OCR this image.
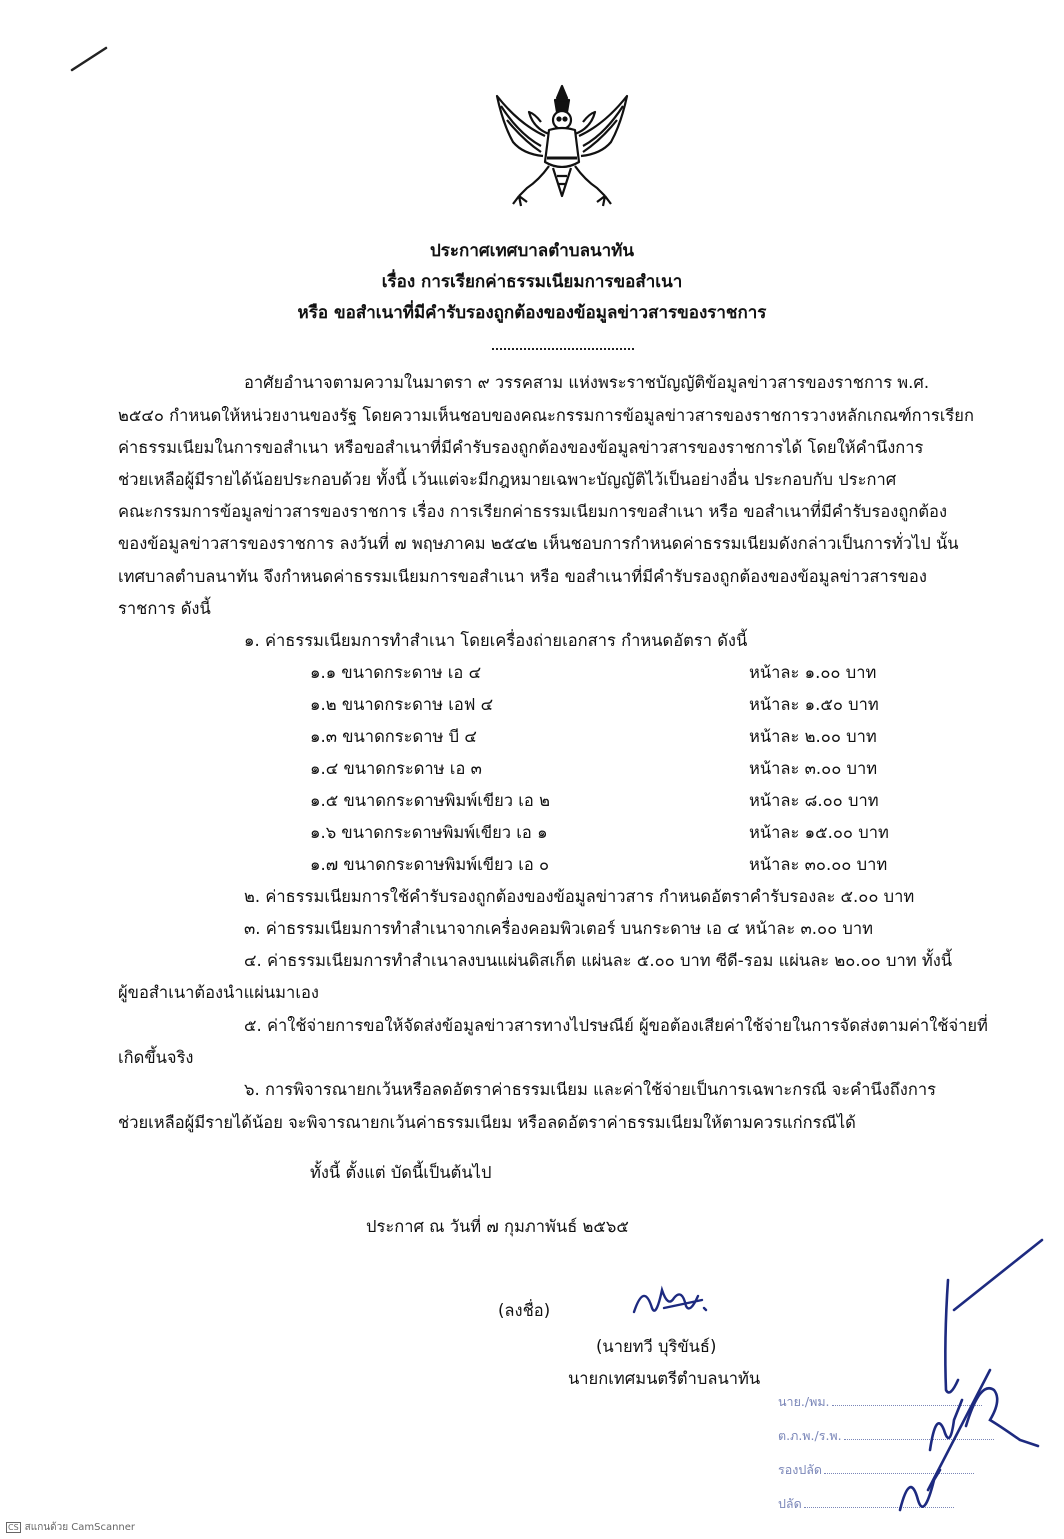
ประกาศเทศบาลตำบลนาทัน
เรื่อง การเรียกค่าธรรมเนียมการขอสำเนา
หรือ ขอสำเนาที่มีคำรับรองถูกต้องของข้อมูลข่าวสารของราชการ
อาศัยอำนาจตามความในมาตรา ๙ วรรคสาม แห่งพระราชบัญญัติข้อมูลข่าวสารของราชการ พ.ศ.
๒๕๔๐ กำหนดให้หน่วยงานของรัฐ โดยความเห็นชอบของคณะกรรมการข้อมูลข่าวสารของราชการวางหลักเกณฑ์การเรียก
ค่าธรรมเนียมในการขอสำเนา หรือขอสำเนาที่มีคำรับรองถูกต้องของข้อมูลข่าวสารของราชการได้ โดยให้คำนึงการ
ช่วยเหลือผู้มีรายได้น้อยประกอบด้วย ทั้งนี้ เว้นแต่จะมีกฎหมายเฉพาะบัญญัติไว้เป็นอย่างอื่น ประกอบกับ ประกาศ
คณะกรรมการข้อมูลข่าวสารของราชการ เรื่อง การเรียกค่าธรรมเนียมการขอสำเนา หรือ ขอสำเนาที่มีคำรับรองถูกต้อง
ของข้อมูลข่าวสารของราชการ ลงวันที่ ๗ พฤษภาคม ๒๕๔๒ เห็นชอบการกำหนดค่าธรรมเนียมดังกล่าวเป็นการทั่วไป นั้น
เทศบาลตำบลนาทัน จึงกำหนดค่าธรรมเนียมการขอสำเนา หรือ ขอสำเนาที่มีคำรับรองถูกต้องของข้อมูลข่าวสารของ
ราชการ ดังนี้
๑. ค่าธรรมเนียมการทำสำเนา โดยเครื่องถ่ายเอกสาร กำหนดอัตรา ดังนี้
๑.๑ ขนาดกระดาษ เอ ๔	หน้าละ ๑.๐๐ บาท
๑.๒ ขนาดกระดาษ เอฟ ๔	หน้าละ ๑.๕๐ บาท
๑.๓ ขนาดกระดาษ บี ๔	หน้าละ ๒.๐๐ บาท
๑.๔ ขนาดกระดาษ เอ ๓	หน้าละ ๓.๐๐ บาท
๑.๕ ขนาดกระดาษพิมพ์เขียว เอ ๒	หน้าละ ๘.๐๐ บาท
๑.๖ ขนาดกระดาษพิมพ์เขียว เอ ๑	หน้าละ ๑๕.๐๐ บาท
๑.๗ ขนาดกระดาษพิมพ์เขียว เอ ๐	หน้าละ ๓๐.๐๐ บาท
๒. ค่าธรรมเนียมการใช้คำรับรองถูกต้องของข้อมูลข่าวสาร กำหนดอัตราคำรับรองละ ๕.๐๐ บาท
๓. ค่าธรรมเนียมการทำสำเนาจากเครื่องคอมพิวเตอร์ บนกระดาษ เอ ๔ หน้าละ ๓.๐๐ บาท
๔. ค่าธรรมเนียมการทำสำเนาลงบนแผ่นดิสเก็ต แผ่นละ ๕.๐๐ บาท ซีดี-รอม แผ่นละ ๒๐.๐๐ บาท ทั้งนี้
ผู้ขอสำเนาต้องนำแผ่นมาเอง
๕. ค่าใช้จ่ายการขอให้จัดส่งข้อมูลข่าวสารทางไปรษณีย์ ผู้ขอต้องเสียค่าใช้จ่ายในการจัดส่งตามค่าใช้จ่ายที่
เกิดขึ้นจริง
๖. การพิจารณายกเว้นหรือลดอัตราค่าธรรมเนียม และค่าใช้จ่ายเป็นการเฉพาะกรณี จะคำนึงถึงการ
ช่วยเหลือผู้มีรายได้น้อย จะพิจารณายกเว้นค่าธรรมเนียม หรือลดอัตราค่าธรรมเนียมให้ตามควรแก่กรณีได้
ทั้งนี้ ตั้งแต่ บัดนี้เป็นต้นไป
ประกาศ ณ วันที่ ๗ กุมภาพันธ์ ๒๕๖๕
(ลงชื่อ)
(นายทวี บุริขันธ์)
นายกเทศมนตรีตำบลนาทัน
นาย./พม.
ต.ภ.พ./ร.พ.
รองปลัด
ปลัด
CS สแกนด้วย CamScanner
